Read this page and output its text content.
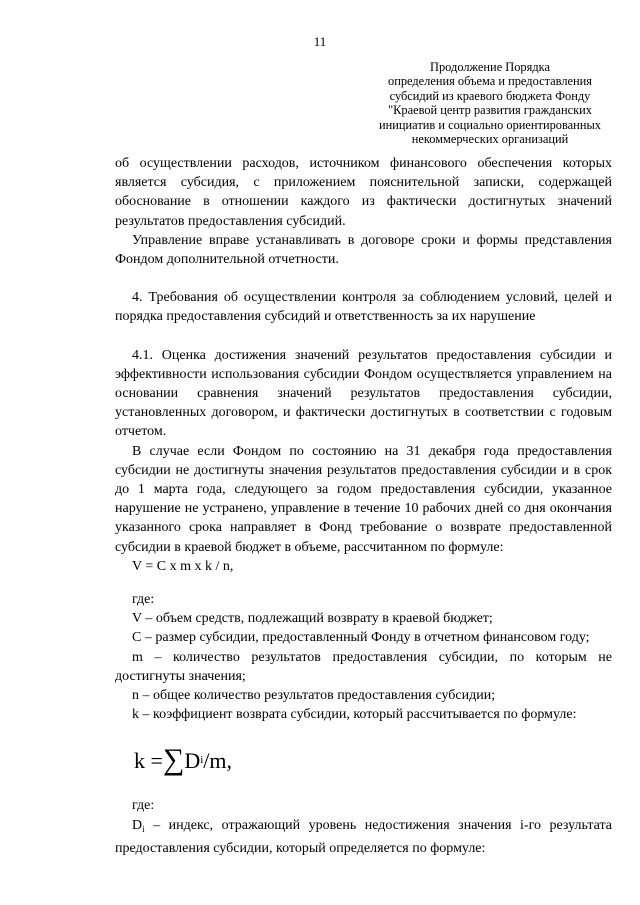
11
Продолжение Порядка
определения объема и предоставления
субсидий из краевого бюджета Фонду
"Краевой центр развития гражданских
инициатив и социально ориентированных
некоммерческих организаций

об осуществлении расходов, источником финансового обеспечения которых является субсидия, с приложением пояснительной записки, содержащей обоснование в отношении каждого из фактически достигнутых значений результатов предоставления субсидий.

Управление вправе устанавливать в договоре сроки и формы представления Фондом дополнительной отчетности.

4. Требования об осуществлении контроля за соблюдением условий, целей и порядка предоставления субсидий и ответственность за их нарушение

4.1. Оценка достижения значений результатов предоставления субсидии и эффективности использования субсидии Фондом осуществляется управлением на основании сравнения значений результатов предоставления субсидии, установленных договором, и фактически достигнутых в соответствии с годовым отчетом.

В случае если Фондом по состоянию на 31 декабря года предоставления субсидии не достигнуты значения результатов предоставления субсидии и в срок до 1 марта года, следующего за годом предоставления субсидии, указанное нарушение не устранено, управление в течение 10 рабочих дней со дня окончания указанного срока направляет в Фонд требование о возврате предоставленной субсидии в краевой бюджет в объеме, рассчитанном по формуле:

V = C x m x k / n,

где:

V – объем средств, подлежащий возврату в краевой бюджет;

C – размер субсидии, предоставленный Фонду в отчетном финансовом году;

m – количество результатов предоставления субсидии, по которым не достигнуты значения;

n – общее количество результатов предоставления субсидии;

k – коэффициент возврата субсидии, который рассчитывается по формуле:

k = ∑ D i /m,

где:

$D_i$ – индекс, отражающий уровень недостижения значения i-го результата предоставления субсидии, который определяется по формуле:
